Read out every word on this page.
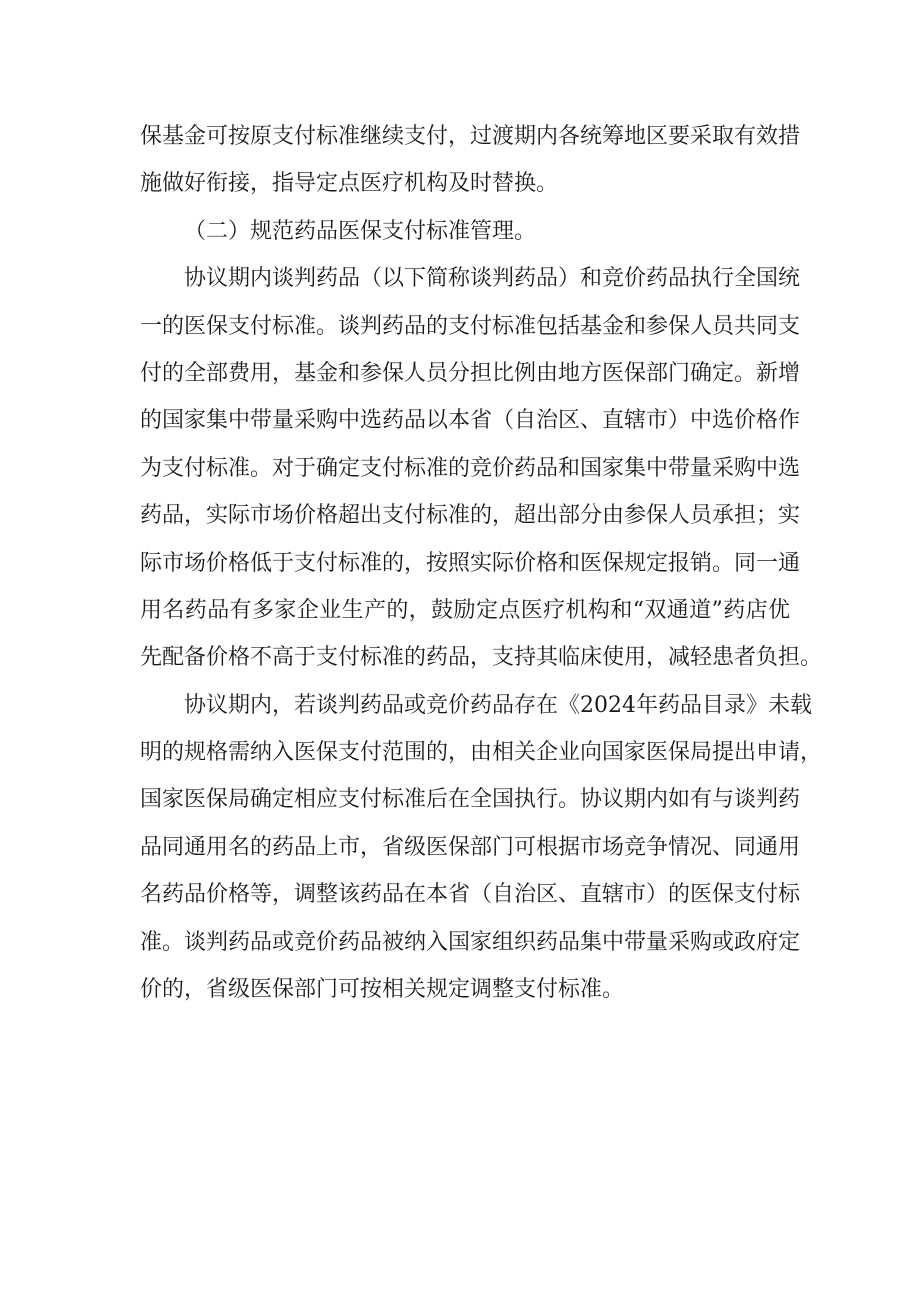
保基金可按原支付标准继续支付，过渡期内各统筹地区要采取有效措
施做好衔接，指导定点医疗机构及时替换。
（二）规范药品医保支付标准管理。
协议期内谈判药品（以下简称谈判药品）和竞价药品执行全国统
一的医保支付标准。谈判药品的支付标准包括基金和参保人员共同支
付的全部费用，基金和参保人员分担比例由地方医保部门确定。新增
的国家集中带量采购中选药品以本省（自治区、直辖市）中选价格作
为支付标准。对于确定支付标准的竞价药品和国家集中带量采购中选
药品，实际市场价格超出支付标准的，超出部分由参保人员承担；实
际市场价格低于支付标准的，按照实际价格和医保规定报销。同一通
用名药品有多家企业生产的，鼓励定点医疗机构和“双通道”药店优
先配备价格不高于支付标准的药品，支持其临床使用，减轻患者负担。
协议期内，若谈判药品或竞价药品存在《2024年药品目录》未载
明的规格需纳入医保支付范围的，由相关企业向国家医保局提出申请，
国家医保局确定相应支付标准后在全国执行。协议期内如有与谈判药
品同通用名的药品上市，省级医保部门可根据市场竞争情况、同通用
名药品价格等，调整该药品在本省（自治区、直辖市）的医保支付标
准。谈判药品或竞价药品被纳入国家组织药品集中带量采购或政府定
价的，省级医保部门可按相关规定调整支付标准。
